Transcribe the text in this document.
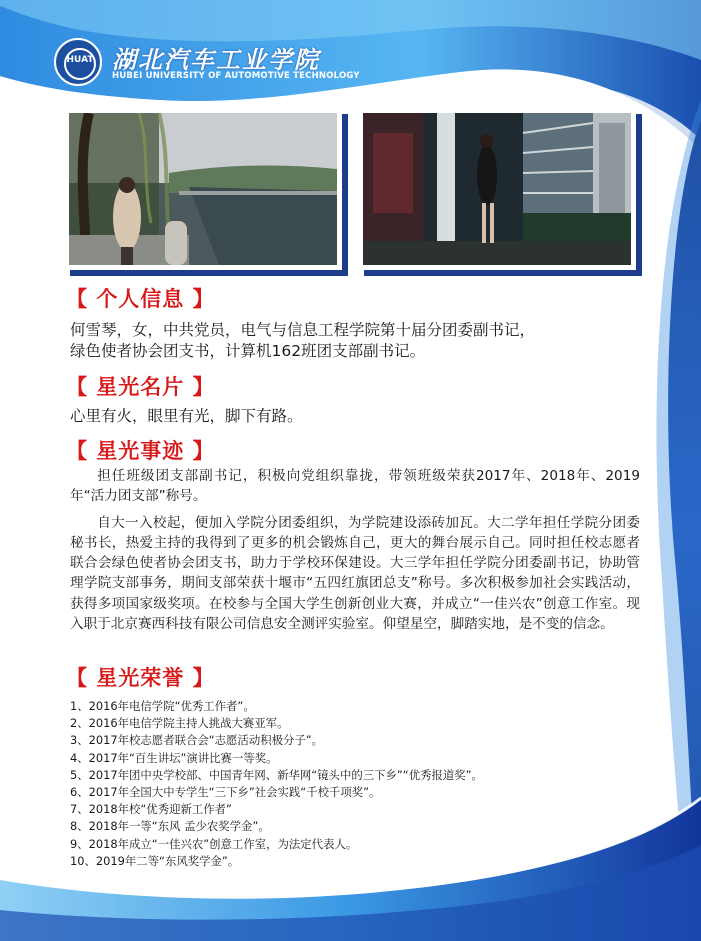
HUAT 湖北汽车工业学院
HUBEI UNIVERSITY OF AUTOMOTIVE TECHNOLOGY
【 个人信息 】
何雪琴，女，中共党员，电气与信息工程学院第十届分团委副书记，
绿色使者协会团支书，计算机162班团支部副书记。
【 星光名片 】
心里有火，眼里有光，脚下有路。
【 星光事迹 】

担任班级团支部副书记，积极向党组织靠拢，带领班级荣获2017年、2018年、2019年“活力团支部”称号。

自大一入校起，便加入学院分团委组织，为学院建设添砖加瓦。大二学年担任学院分团委秘书长，热爱主持的我得到了更多的机会锻炼自己，更大的舞台展示自己。同时担任校志愿者联合会绿色使者协会团支书，助力于学校环保建设。大三学年担任学院分团委副书记，协助管理学院支部事务，期间支部荣获十堰市“五四红旗团总支”称号。多次积极参加社会实践活动，获得多项国家级奖项。在校参与全国大学生创新创业大赛，并成立“一佳兴农”创意工作室。现入职于北京赛西科技有限公司信息安全测评实验室。仰望星空，脚踏实地，是不变的信念。

【 星光荣誉 】
1、2016年电信学院“优秀工作者”。
2、2016年电信学院主持人挑战大赛亚军。
3、2017年校志愿者联合会“志愿活动积极分子”。
4、2017年“百生讲坛”演讲比赛一等奖。
5、2017年团中央学校部、中国青年网、新华网“镜头中的三下乡”“优秀报道奖”。
6、2017年全国大中专学生“三下乡”社会实践“千校千项奖”。
7、2018年校“优秀迎新工作者”
8、2018年一等“东风 孟少农奖学金”。
9、2018年成立“一佳兴农”创意工作室，为法定代表人。
10、2019年二等“东风奖学金”。
